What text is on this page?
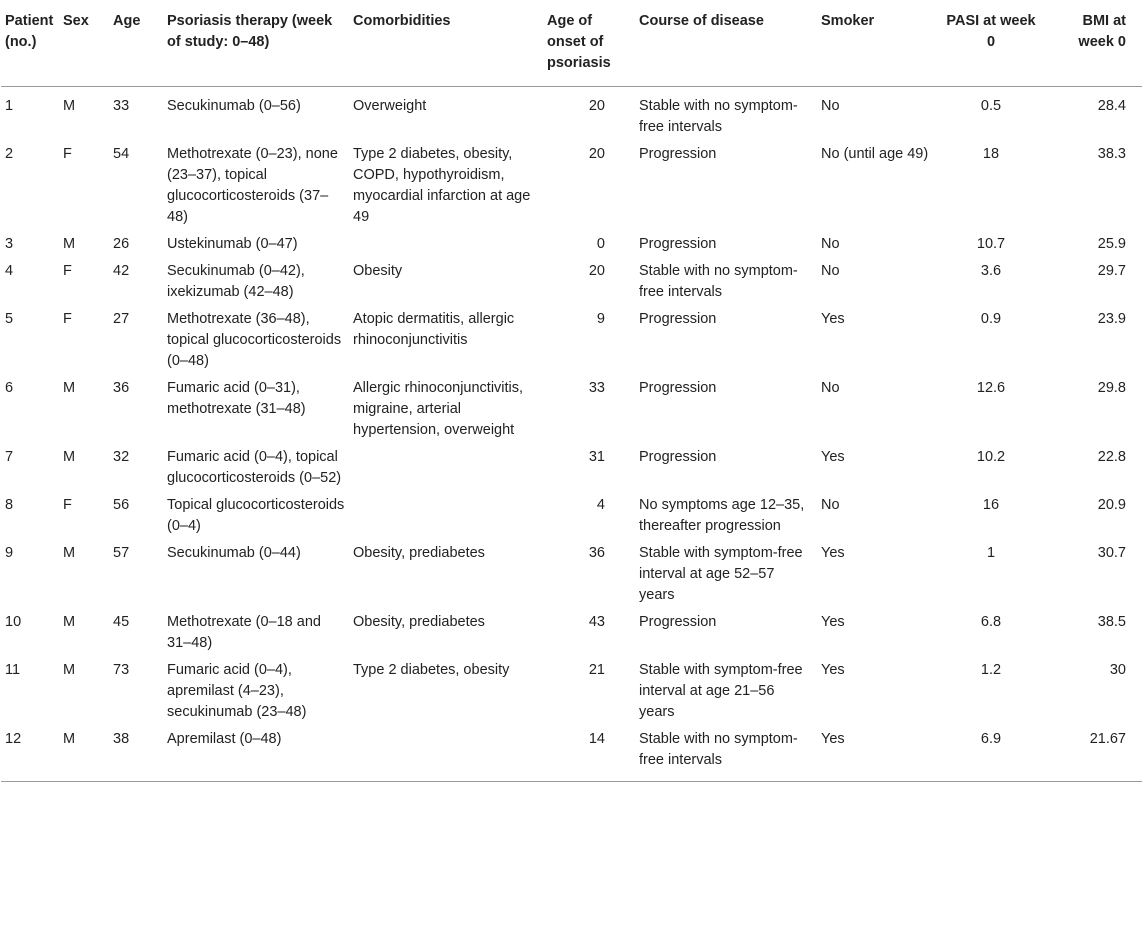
Patient (no.)	Sex	Age	Psoriasis therapy (week of study: 0–48)	Comorbidities	Age of onset of psoriasis	Course of disease	Smoker	PASI at week 0	BMI at week 0
1	M	33	Secukinumab (0–56)	Overweight	20	Stable with no symptom-free intervals	No	0.5	28.4
2	F	54	Methotrexate (0–23), none (23–37), topical glucocorticosteroids (37–48)	Type 2 diabetes, obesity, COPD, hypothyroidism, myocardial infarction at age 49	20	Progression	No (until age 49)	18	38.3
3	M	26	Ustekinumab (0–47)		0	Progression	No	10.7	25.9
4	F	42	Secukinumab (0–42), ixekizumab (42–48)	Obesity	20	Stable with no symptom-free intervals	No	3.6	29.7
5	F	27	Methotrexate (36–48), topical glucocorticosteroids (0–48)	Atopic dermatitis, allergic rhinoconjunctivitis	9	Progression	Yes	0.9	23.9
6	M	36	Fumaric acid (0–31), methotrexate (31–48)	Allergic rhinoconjunctivitis, migraine, arterial hypertension, overweight	33	Progression	No	12.6	29.8
7	M	32	Fumaric acid (0–4), topical glucocorticosteroids (0–52)		31	Progression	Yes	10.2	22.8
8	F	56	Topical glucocorticosteroids (0–4)		4	No symptoms age 12–35, thereafter progression	No	16	20.9
9	M	57	Secukinumab (0–44)	Obesity, prediabetes	36	Stable with symptom-free interval at age 52–57 years	Yes	1	30.7
10	M	45	Methotrexate (0–18 and 31–48)	Obesity, prediabetes	43	Progression	Yes	6.8	38.5
11	M	73	Fumaric acid (0–4), apremilast (4–23), secukinumab (23–48)	Type 2 diabetes, obesity	21	Stable with symptom-free interval at age 21–56 years	Yes	1.2	30
12	M	38	Apremilast (0–48)		14	Stable with no symptom-free intervals	Yes	6.9	21.67
